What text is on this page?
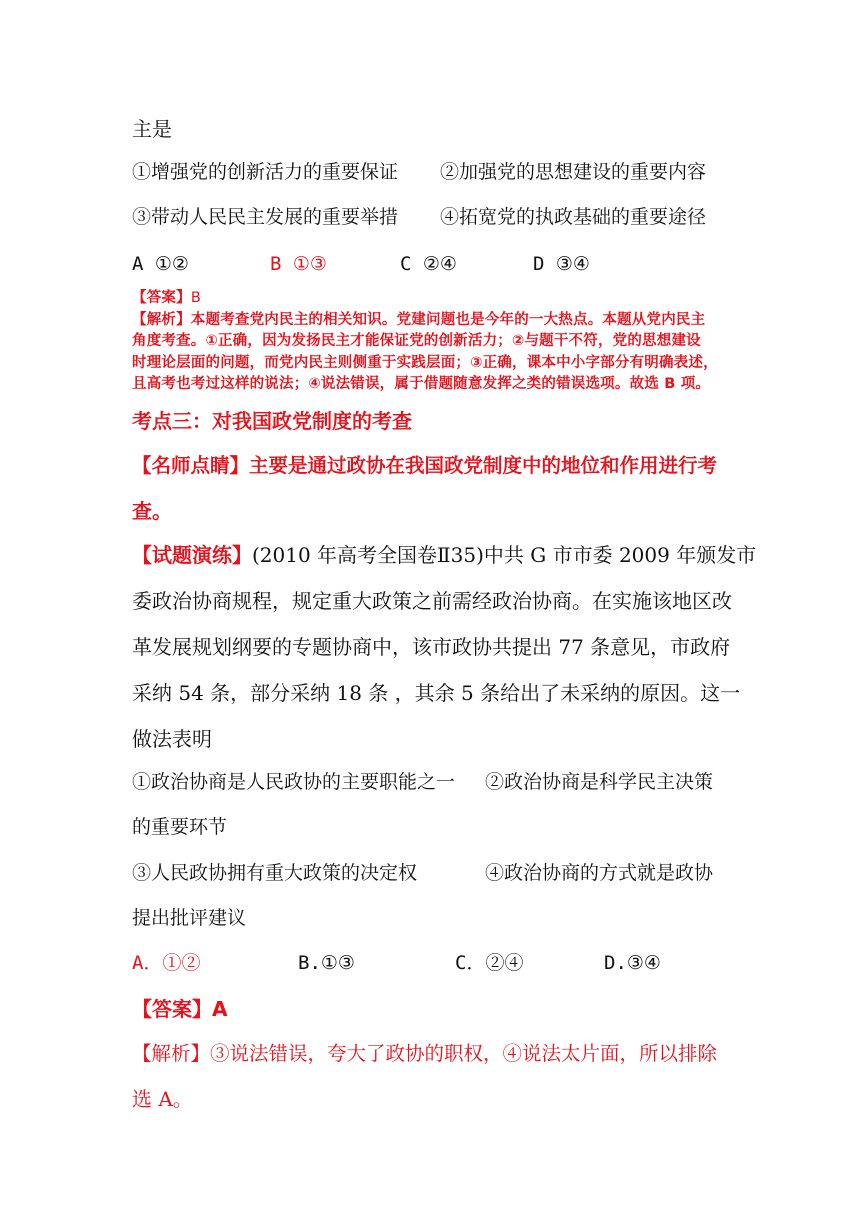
主是
①增强党的创新活力的重要保证 ②加强党的思想建设的重要内容
③带动人民民主发展的重要举措 ④拓宽党的执政基础的重要途径
A ①②	B ①③	C ②④	D ③④
【答案】B
【解析】本题考查党内民主的相关知识。党建问题也是今年的一大热点。本题从党内民主
角度考查。①正确，因为发扬民主才能保证党的创新活力；②与题干不符，党的思想建设
时理论层面的问题，而党内民主则侧重于实践层面；③正确，课本中小字部分有明确表述，
且高考也考过这样的说法；④说法错误，属于借题随意发挥之类的错误选项。故选 B 项。
考点三：对我国政党制度的考查
【名师点睛】主要是通过政协在我国政党制度中的地位和作用进行考
查。
【试题演练】(2010 年高考全国卷Ⅱ35)中共 G 市市委 2009 年颁发市
委政治协商规程，规定重大政策之前需经政治协商。在实施该地区改
革发展规划纲要的专题协商中，该市政协共提出 77 条意见，市政府
采纳 54 条，部分采纳 18 条 ，其余 5 条给出了未采纳的原因。这一
做法表明
①政治协商是人民政协的主要职能之一 ②政治协商是科学民主决策
的重要环节
③人民政协拥有重大政策的决定权	④政治协商的方式就是政协
提出批评建议
A．①②	B.①③	C．②④	D.③④
【答案】A
【解析】③说法错误，夸大了政协的职权，④说法太片面，所以排除
选 A。
